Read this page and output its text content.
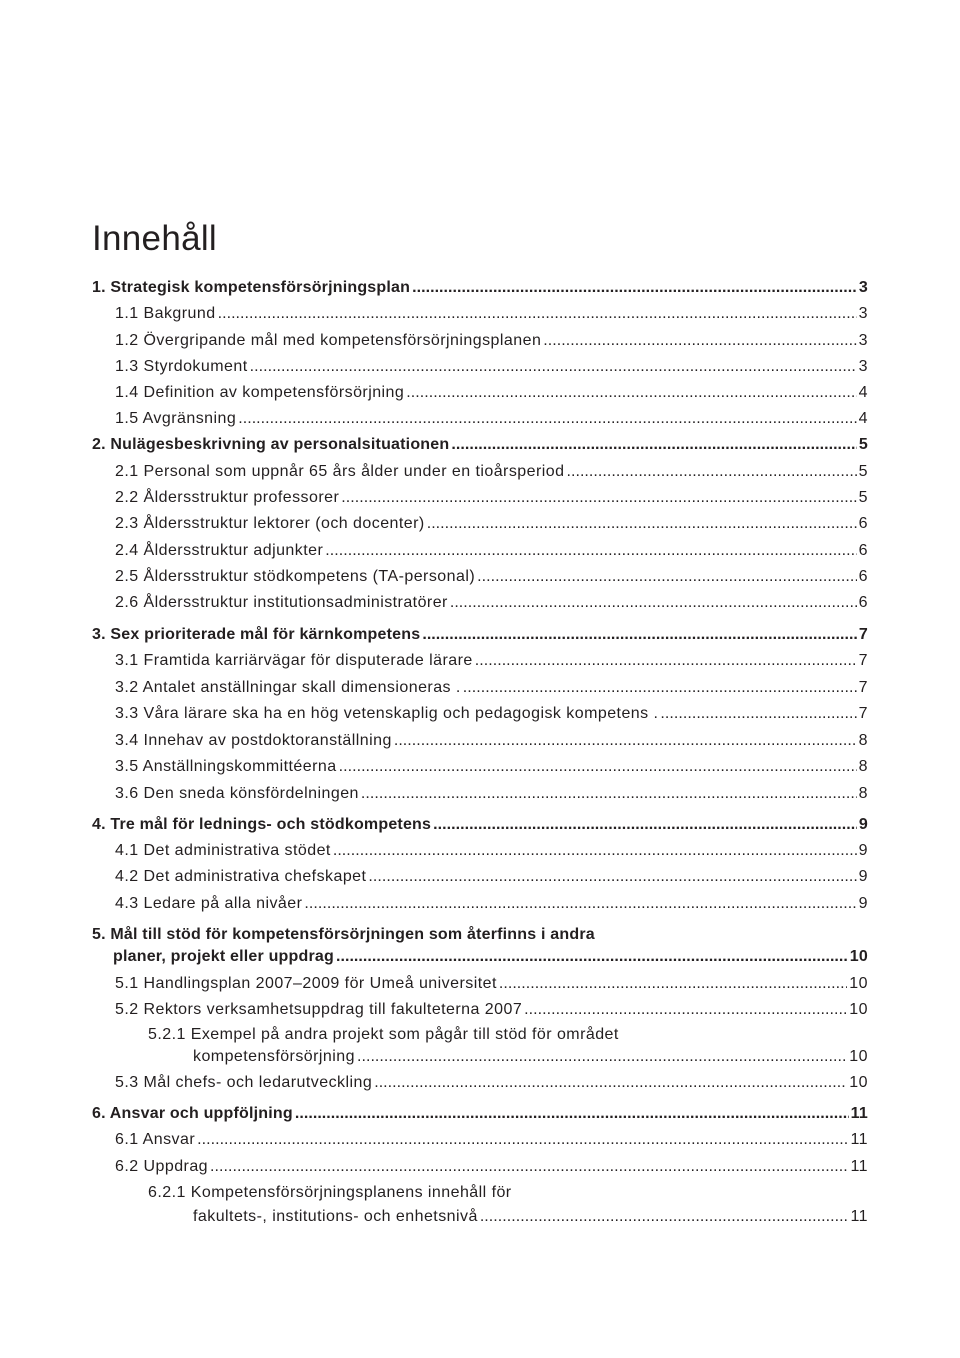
Innehåll
1. Strategisk kompetensförsörjningsplan . . .	3
1.1 Bakgrund . . .	3
1.2 Övergripande mål med kompetensförsörjningsplanen . . .	3
1.3 Styrdokument . . .	3
1.4 Definition av kompetensförsörjning . . .	4
1.5 Avgränsning . . .	4
2. Nulägesbeskrivning av personalsituationen . . .	5
2.1 Personal som uppnår 65 års ålder under en tioårsperiod . . .	5
2.2 Åldersstruktur professorer . . .	5
2.3 Åldersstruktur lektorer (och docenter) . . .	6
2.4 Åldersstruktur adjunkter . . .	6
2.5 Åldersstruktur stödkompetens (TA-personal) . . .	6
2.6 Åldersstruktur institutionsadministratörer . . .	6
3. Sex prioriterade mål för kärnkompetens . . .	7
3.1 Framtida karriärvägar för disputerade lärare . . .	7
3.2 Antalet anställningar skall dimensioneras . . . .	7
3.3 Våra lärare ska ha en hög vetenskaplig och pedagogisk kompetens . . . .	7
3.4 Innehav av postdoktoranställning . . .	8
3.5 Anställningskommittéerna . . .	8
3.6 Den sneda könsfördelningen . . .	8
4. Tre mål för lednings- och stödkompetens . . .	9
4.1 Det administrativa stödet . . .	9
4.2 Det administrativa chefskapet . . .	9
4.3 Ledare på alla nivåer . . .	9
5. Mål till stöd för kompetensförsörjningen som återfinns i andra
planer, projekt eller uppdrag . . .	10
5.1 Handlingsplan 2007–2009 för Umeå universitet . . .	10
5.2 Rektors verksamhetsuppdrag till fakulteterna 2007 . . .	10
5.2.1 Exempel på andra projekt som pågår till stöd för området
kompetensförsörjning . . .	10
5.3 Mål chefs- och ledarutveckling . . .	10
6. Ansvar och uppföljning . . .	11
6.1 Ansvar . . .	11
6.2 Uppdrag . . .	11
6.2.1 Kompetensförsörjningsplanens innehåll för
fakultets-, institutions- och enhetsnivå . . .	11
